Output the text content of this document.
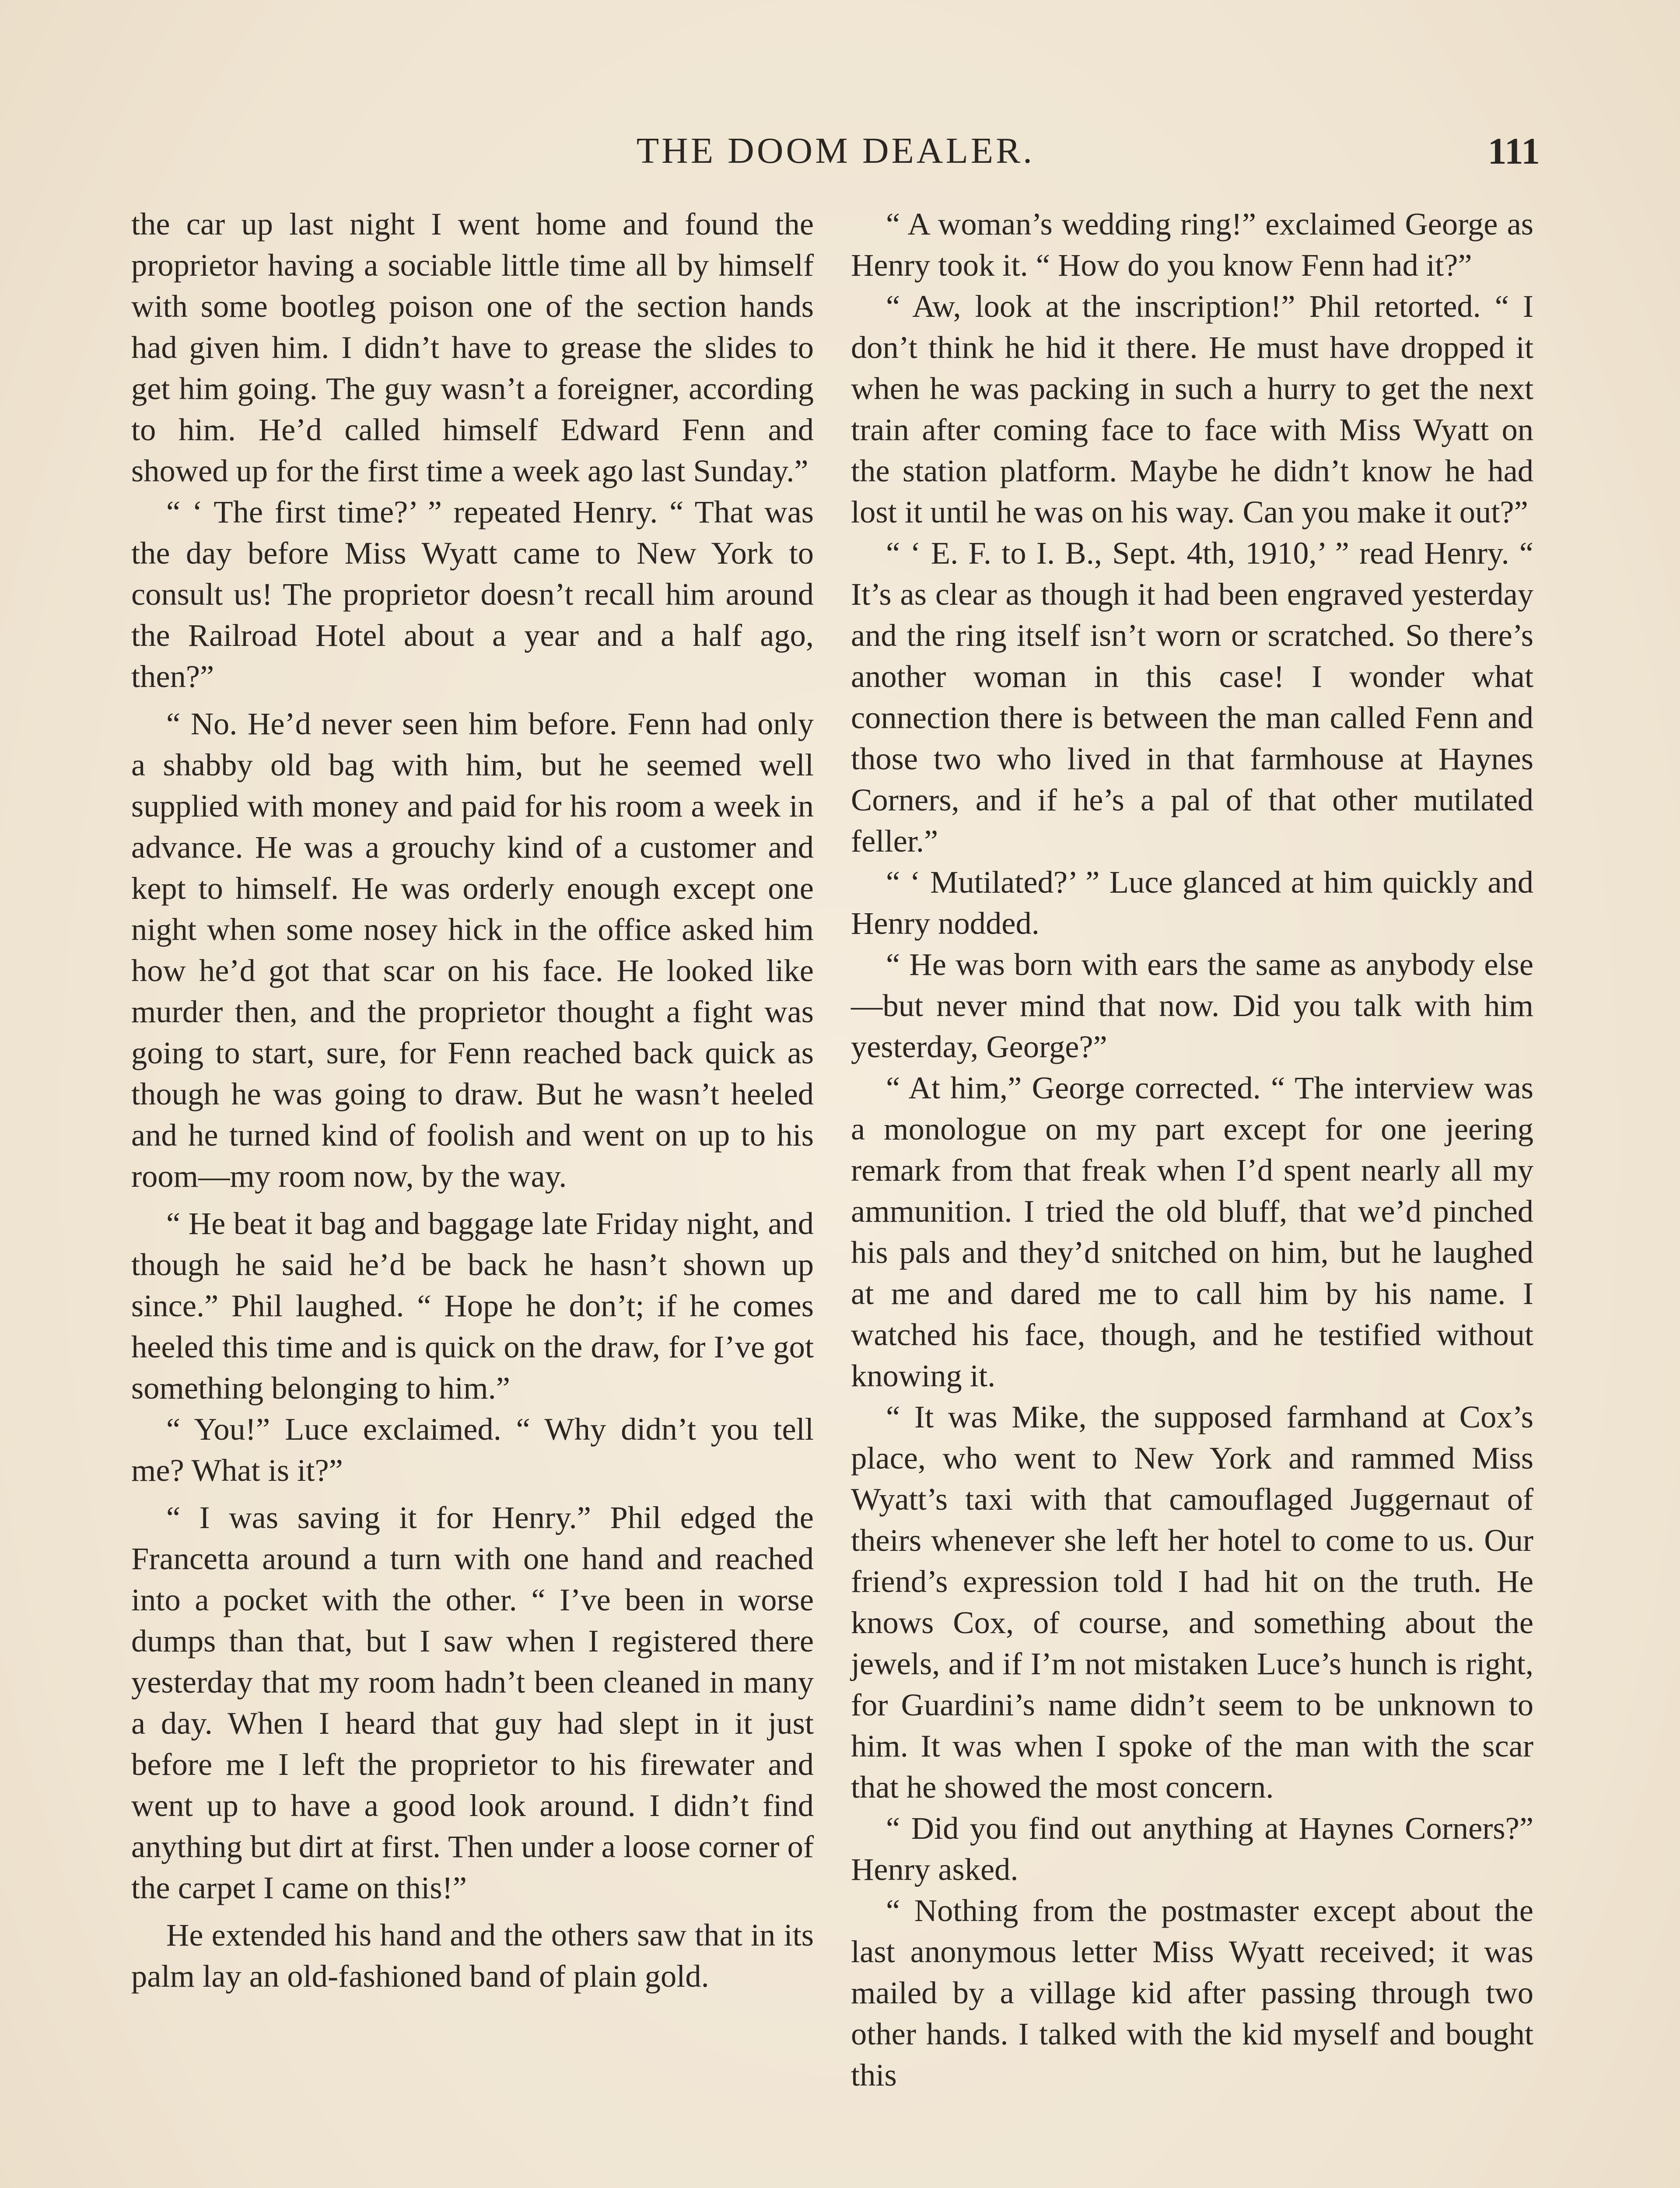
THE DOOM DEALER.	111

the car up last night I went home and found the proprietor having a sociable little time all by himself with some bootleg poison one of the section hands had given him. I didn’t have to grease the slides to get him going. The guy wasn’t a foreigner, according to him. He’d called himself Edward Fenn and showed up for the first time a week ago last Sunday.”

“ ‘ The first time?’ ” repeated Henry. “ That was the day before Miss Wyatt came to New York to consult us! The proprietor doesn’t recall him around the Railroad Hotel about a year and a half ago, then?”

“ No. He’d never seen him before. Fenn had only a shabby old bag with him, but he seemed well supplied with money and paid for his room a week in advance. He was a grouchy kind of a customer and kept to himself. He was orderly enough except one night when some nosey hick in the office asked him how he’d got that scar on his face. He looked like murder then, and the proprietor thought a fight was going to start, sure, for Fenn reached back quick as though he was going to draw. But he wasn’t heeled and he turned kind of foolish and went on up to his room—my room now, by the way.

“ He beat it bag and baggage late Friday night, and though he said he’d be back he hasn’t shown up since.” Phil laughed. “ Hope he don’t; if he comes heeled this time and is quick on the draw, for I’ve got something belonging to him.”

“ You!” Luce exclaimed. “ Why didn’t you tell me? What is it?”

“ I was saving it for Henry.” Phil edged the Francetta around a turn with one hand and reached into a pocket with the other. “ I’ve been in worse dumps than that, but I saw when I registered there yesterday that my room hadn’t been cleaned in many a day. When I heard that guy had slept in it just before me I left the proprietor to his firewater and went up to have a good look around. I didn’t find anything but dirt at first. Then under a loose corner of the carpet I came on this!”

He extended his hand and the others saw that in its palm lay an old-fashioned band of plain gold.

“ A woman’s wedding ring!” exclaimed George as Henry took it. “ How do you know Fenn had it?”

“ Aw, look at the inscription!” Phil retorted. “ I don’t think he hid it there. He must have dropped it when he was packing in such a hurry to get the next train after coming face to face with Miss Wyatt on the station platform. Maybe he didn’t know he had lost it until he was on his way. Can you make it out?”

“ ‘ E. F. to I. B., Sept. 4th, 1910,’ ” read Henry. “ It’s as clear as though it had been engraved yesterday and the ring itself isn’t worn or scratched. So there’s another woman in this case! I wonder what connection there is between the man called Fenn and those two who lived in that farmhouse at Haynes Corners, and if he’s a pal of that other mutilated feller.”

“ ‘ Mutilated?’ ” Luce glanced at him quickly and Henry nodded.

“ He was born with ears the same as anybody else—but never mind that now. Did you talk with him yesterday, George?”

“ At him,” George corrected. “ The interview was a monologue on my part except for one jeering remark from that freak when I’d spent nearly all my ammunition. I tried the old bluff, that we’d pinched his pals and they’d snitched on him, but he laughed at me and dared me to call him by his name. I watched his face, though, and he testified without knowing it.

“ It was Mike, the supposed farmhand at Cox’s place, who went to New York and rammed Miss Wyatt’s taxi with that camouflaged Juggernaut of theirs whenever she left her hotel to come to us. Our friend’s expression told I had hit on the truth. He knows Cox, of course, and something about the jewels, and if I’m not mistaken Luce’s hunch is right, for Guardini’s name didn’t seem to be unknown to him. It was when I spoke of the man with the scar that he showed the most concern.

“ Did you find out anything at Haynes Corners?” Henry asked.

“ Nothing from the postmaster except about the last anonymous letter Miss Wyatt received; it was mailed by a village kid after passing through two other hands. I talked with the kid myself and bought this
